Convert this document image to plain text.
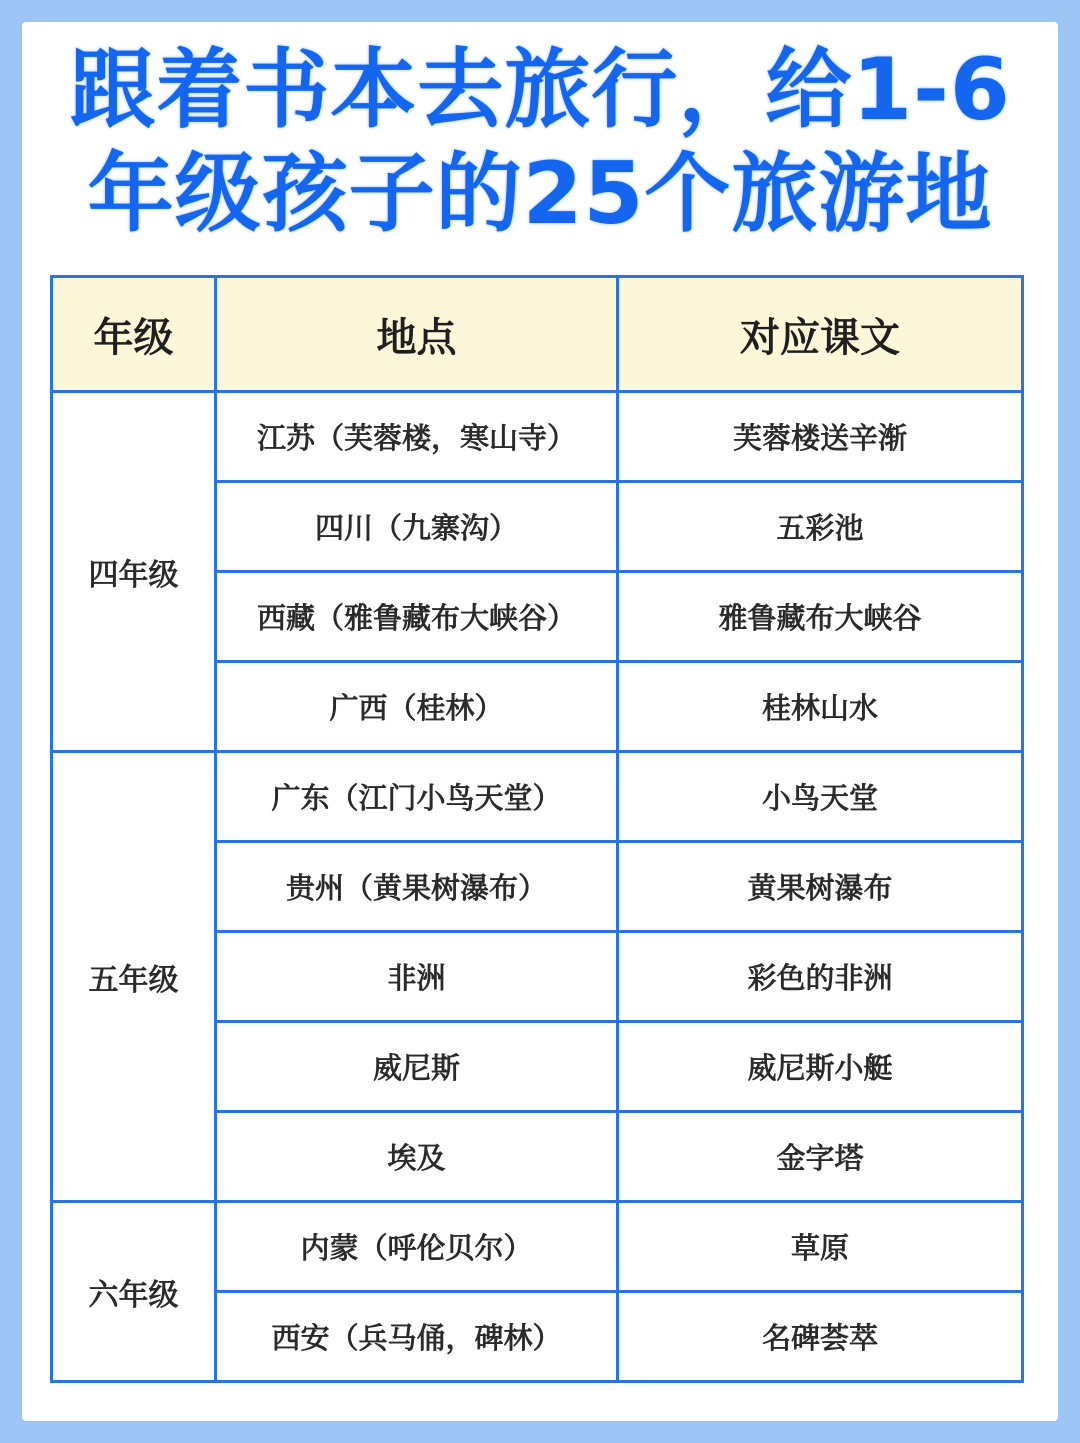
跟着书本去旅行，给1-6
年级孩子的25个旅游地
年级	地点	对应课文
四年级	江苏（芙蓉楼，寒山寺）	芙蓉楼送辛渐
	四川（九寨沟）	五彩池
	西藏（雅鲁藏布大峡谷）	雅鲁藏布大峡谷
	广西（桂林）	桂林山水
五年级	广东（江门小鸟天堂）	小鸟天堂
	贵州（黄果树瀑布）	黄果树瀑布
	非洲	彩色的非洲
	威尼斯	威尼斯小艇
	埃及	金字塔
六年级	内蒙（呼伦贝尔）	草原
	西安（兵马俑，碑林）	名碑荟萃
